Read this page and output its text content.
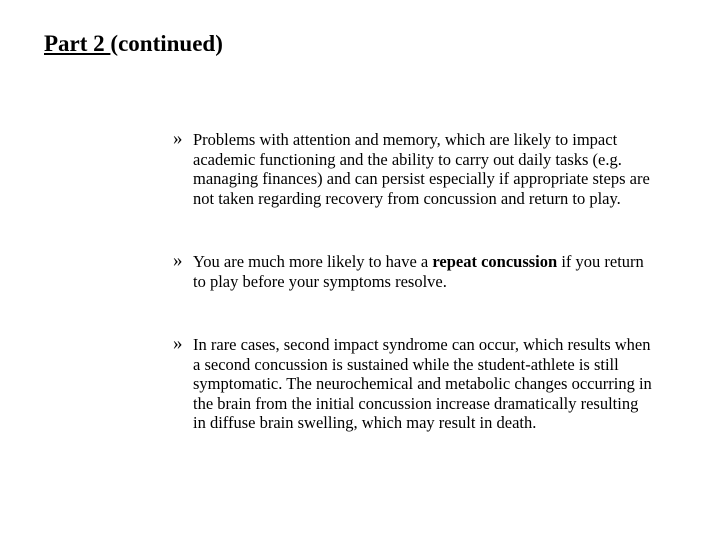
Part 2 (continued)
» Problems with attention and memory, which are likely to impact academic functioning and the ability to carry out daily tasks (e.g. managing finances) and can persist especially if appropriate steps are not taken regarding recovery from concussion and return to play.
» You are much more likely to have a repeat concussion if you return to play before your symptoms resolve.
» In rare cases, second impact syndrome can occur, which results when a second concussion is sustained while the student-athlete is still symptomatic. The neurochemical and metabolic changes occurring in the brain from the initial concussion increase dramatically resulting in diffuse brain swelling, which may result in death.
